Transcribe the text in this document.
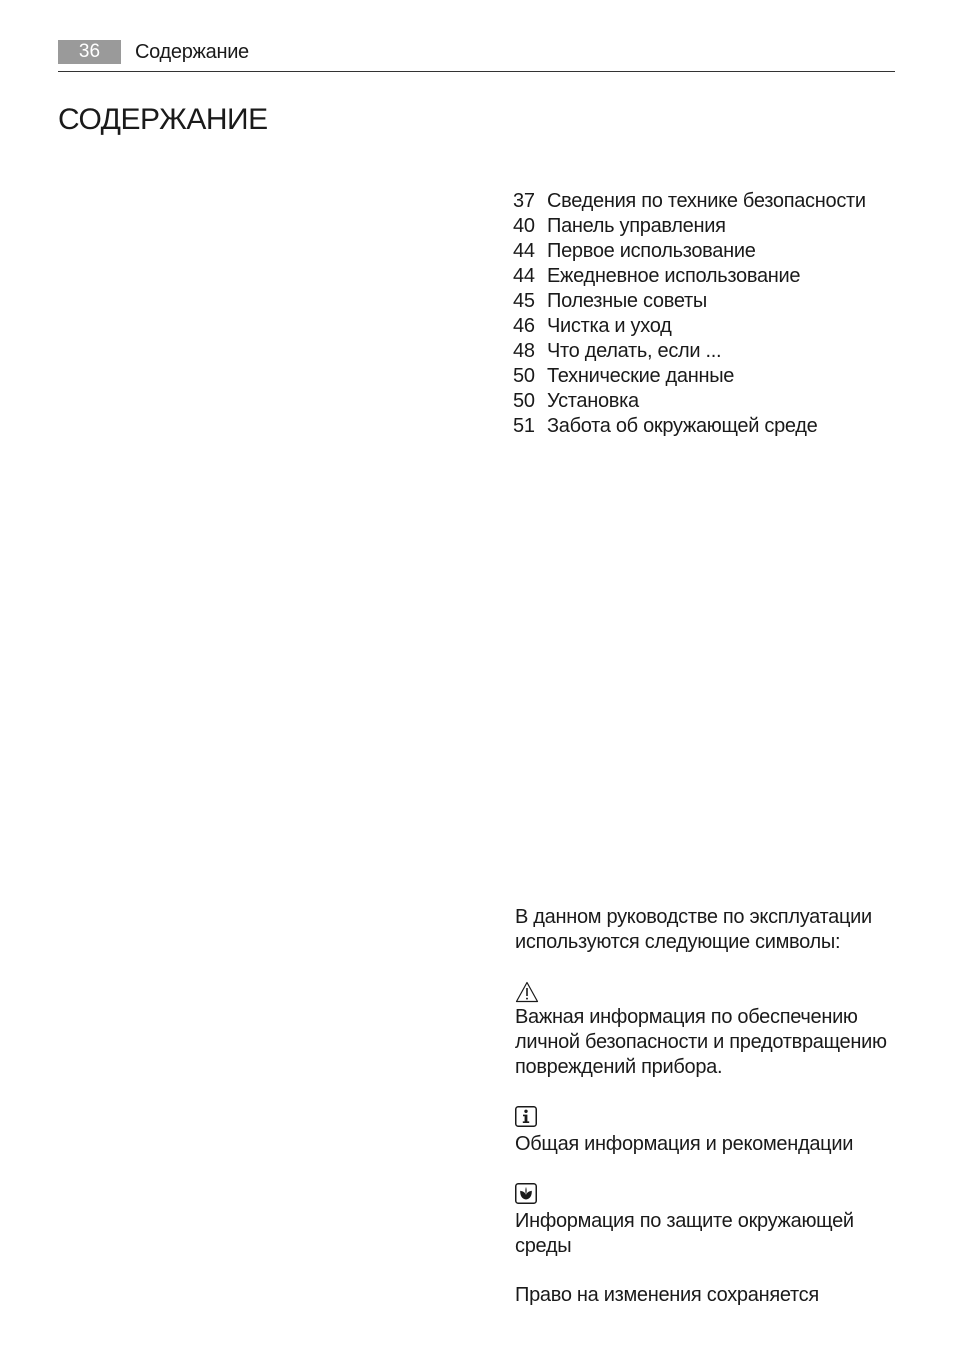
36	Содержание
СОДЕРЖАНИЕ
37 Сведения по технике безопасности
40 Панель управления
44 Первое использование
44 Ежедневное использование
45 Полезные советы
46 Чистка и уход
48 Что делать, если ...
50 Технические данные
50 Установка
51 Забота об окружающей среде

В данном руководстве по эксплуатации используются следующие символы:

Важная информация по обеспечению личной безопасности и предотвращению повреждений прибора.

Общая информация и рекомендации

Информация по защите окружающей среды

Право на изменения сохраняется
